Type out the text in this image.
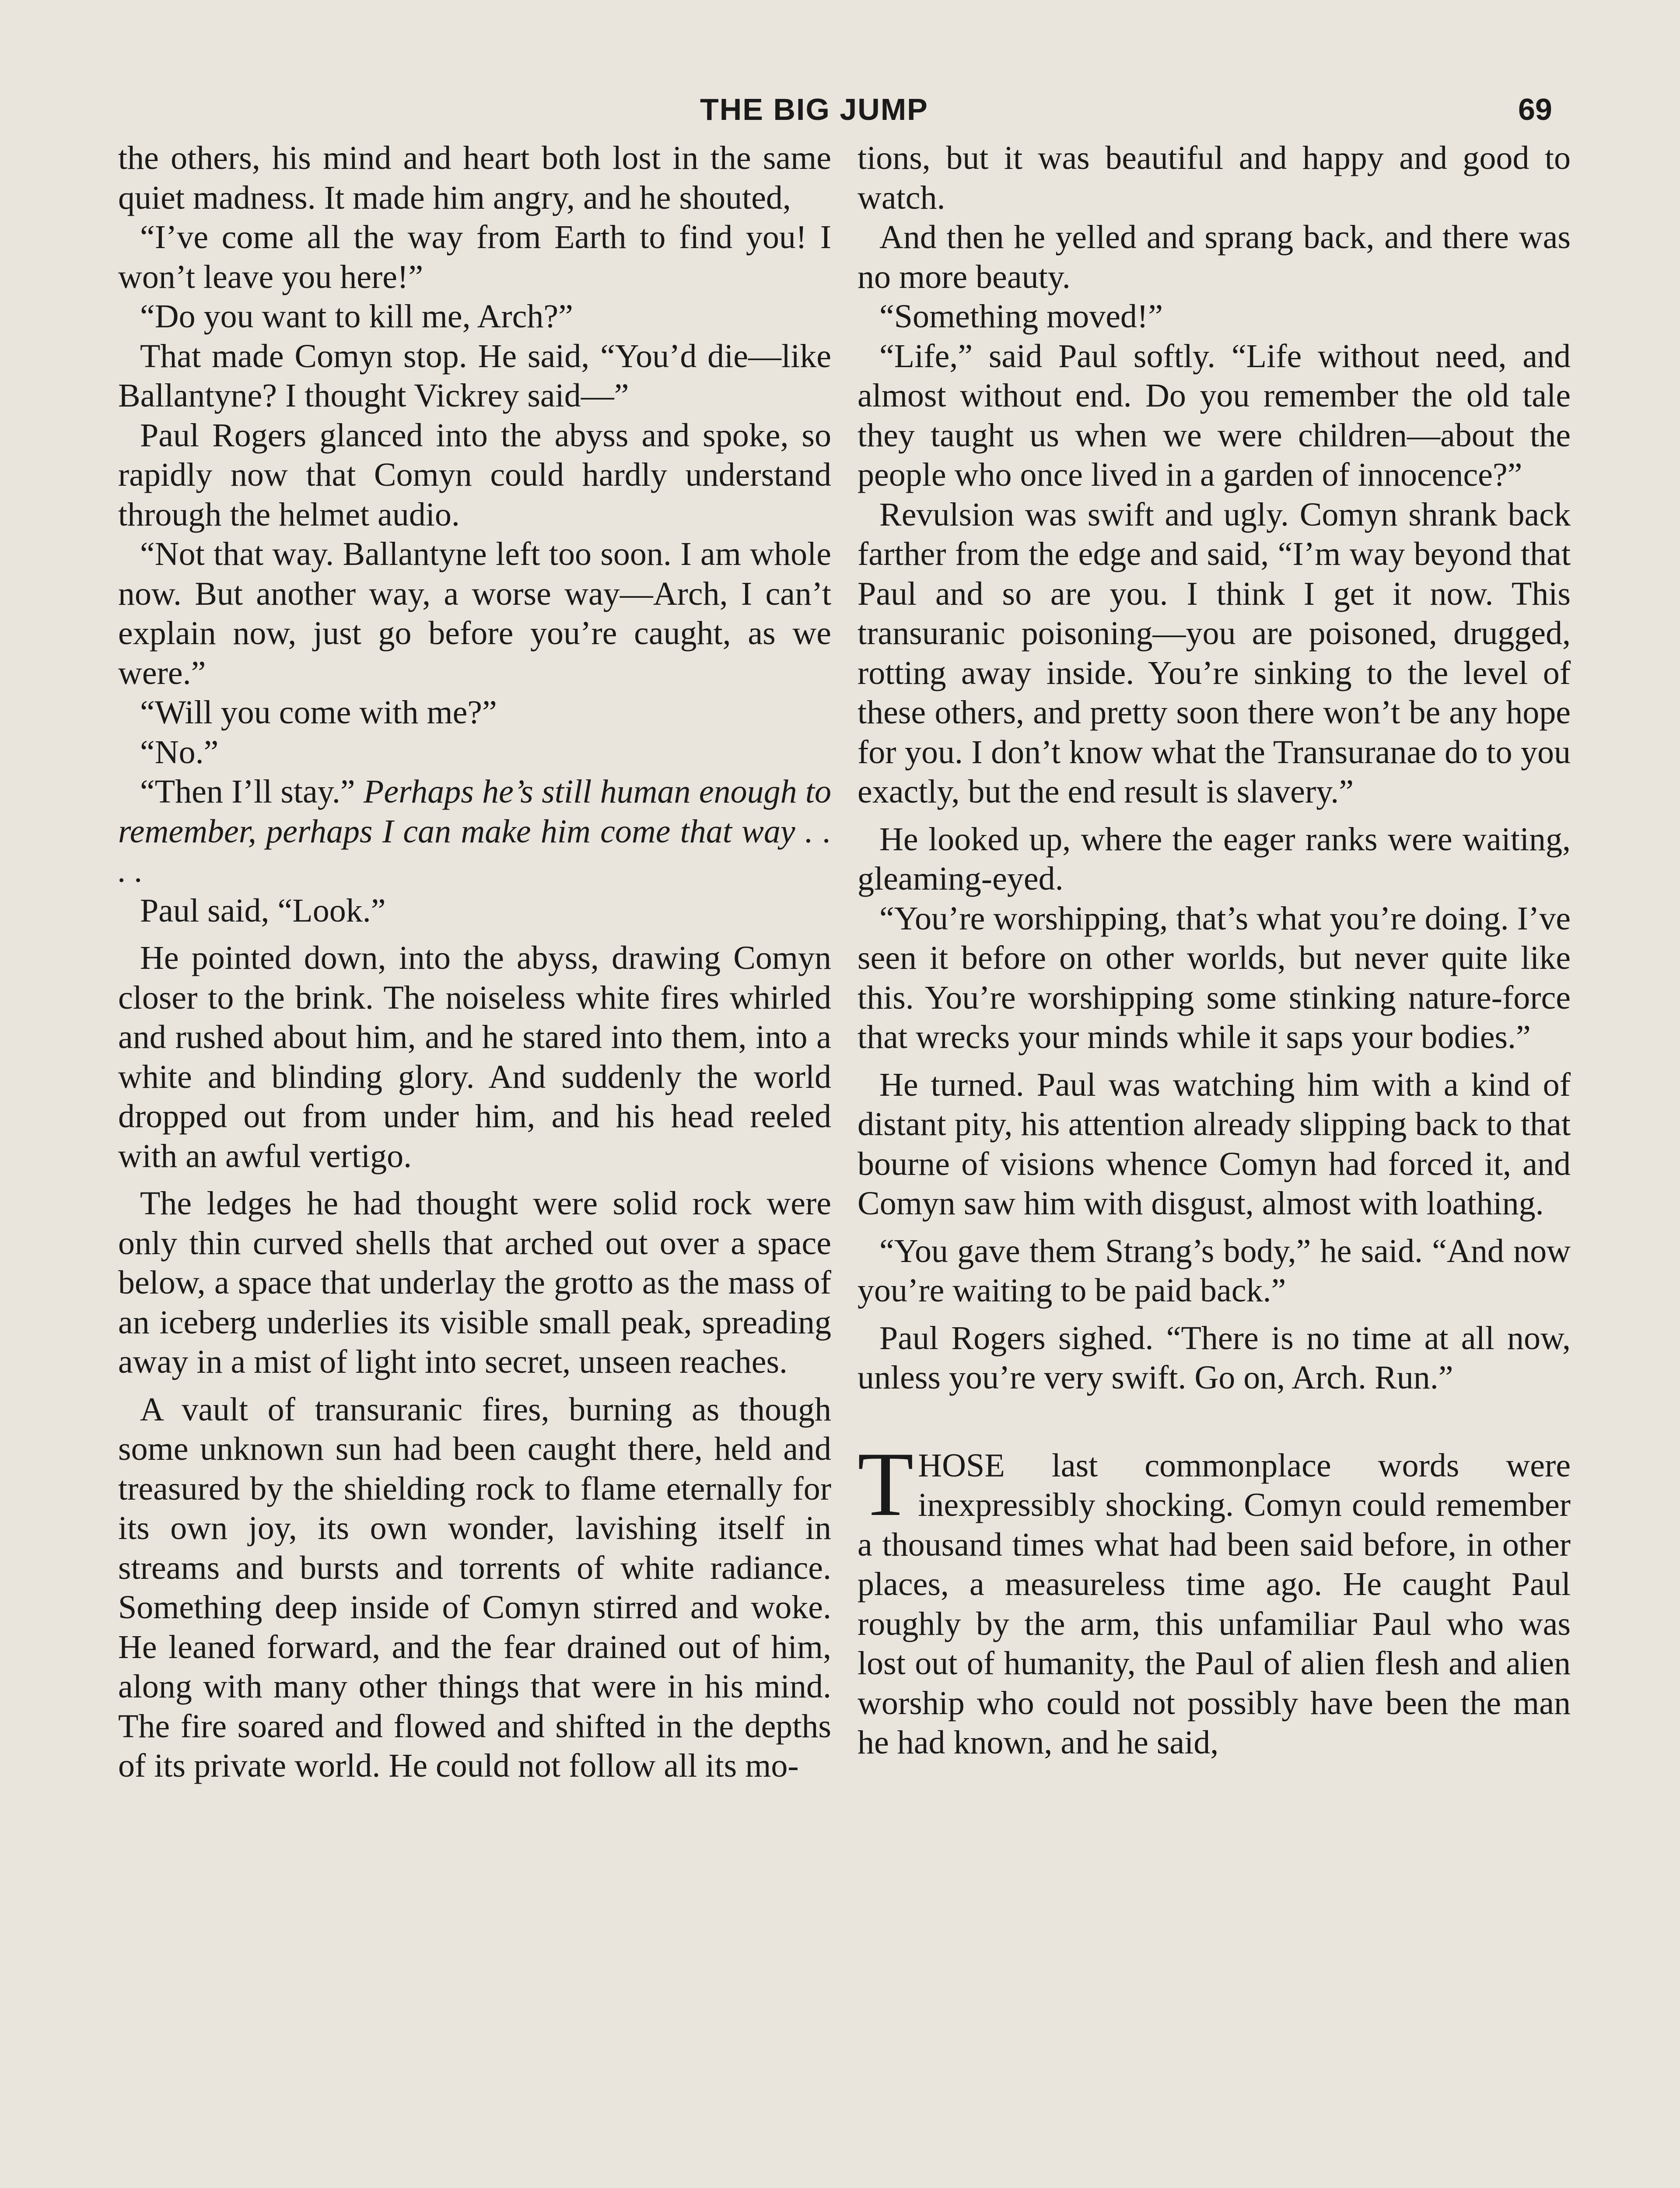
THE BIG JUMP	69

the others, his mind and heart both lost in the same quiet madness. It made him angry, and he shouted,

“I’ve come all the way from Earth to find you! I won’t leave you here!”

“Do you want to kill me, Arch?”

That made Comyn stop. He said, “You’d die—like Ballantyne? I thought Vickrey said—”

Paul Rogers glanced into the abyss and spoke, so rapidly now that Comyn could hardly understand through the helmet audio.

“Not that way. Ballantyne left too soon. I am whole now. But another way, a worse way—Arch, I can’t explain now, just go before you’re caught, as we were.”

“Will you come with me?”

“No.”

“Then I’ll stay.” Perhaps he’s still human enough to remember, perhaps I can make him come that way . . . .

Paul said, “Look.”

He pointed down, into the abyss, drawing Comyn closer to the brink. The noiseless white fires whirled and rushed about him, and he stared into them, into a white and blinding glory. And suddenly the world dropped out from under him, and his head reeled with an awful vertigo.

The ledges he had thought were solid rock were only thin curved shells that arched out over a space below, a space that underlay the grotto as the mass of an iceberg underlies its visible small peak, spreading away in a mist of light into secret, unseen reaches.

A vault of transuranic fires, burning as though some unknown sun had been caught there, held and treasured by the shielding rock to flame eternally for its own joy, its own wonder, lavishing itself in streams and bursts and torrents of white radiance. Something deep inside of Comyn stirred and woke. He leaned forward, and the fear drained out of him, along with many other things that were in his mind. The fire soared and flowed and shifted in the depths of its private world. He could not follow all its mo-

tions, but it was beautiful and happy and good to watch.

And then he yelled and sprang back, and there was no more beauty.

“Something moved!”

“Life,” said Paul softly. “Life without need, and almost without end. Do you remember the old tale they taught us when we were children—about the people who once lived in a garden of innocence?”

Revulsion was swift and ugly. Comyn shrank back farther from the edge and said, “I’m way beyond that Paul and so are you. I think I get it now. This transuranic poisoning—you are poisoned, drugged, rotting away inside. You’re sinking to the level of these others, and pretty soon there won’t be any hope for you. I don’t know what the Transuranae do to you exactly, but the end result is slavery.”

He looked up, where the eager ranks were waiting, gleaming-eyed.

“You’re worshipping, that’s what you’re doing. I’ve seen it before on other worlds, but never quite like this. You’re worshipping some stinking nature-force that wrecks your minds while it saps your bodies.”

He turned. Paul was watching him with a kind of distant pity, his attention already slipping back to that bourne of visions whence Comyn had forced it, and Comyn saw him with disgust, almost with loathing.

“You gave them Strang’s body,” he said. “And now you’re waiting to be paid back.”

Paul Rogers sighed. “There is no time at all now, unless you’re very swift. Go on, Arch. Run.”

THOSE last commonplace words were inexpressibly shocking. Comyn could remember a thousand times what had been said before, in other places, a measureless time ago. He caught Paul roughly by the arm, this unfamiliar Paul who was lost out of humanity, the Paul of alien flesh and alien worship who could not possibly have been the man he had known, and he said,
